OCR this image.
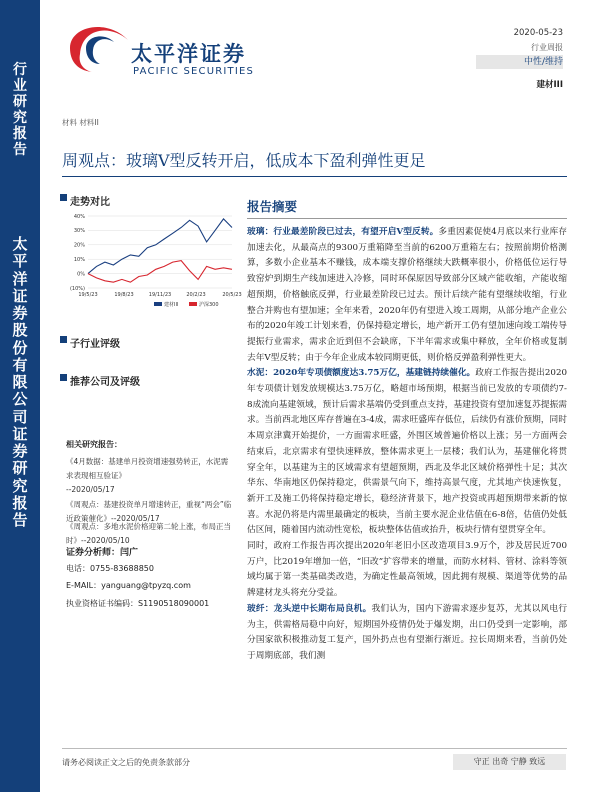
行
业
研
究
报
告
太
平
洋
证
券
股
份
有
限
公
司
证
券
研
究
报
告
太平洋证券
PACIFIC SECURITIES
2020-05-23
行业周报
中性/维持
建材III
材料 材料II
周观点：玻璃V型反转开启，低成本下盈利弹性更足
走势对比
40%
30%
20%
10%
0%
(10%)
19/5/23	19/8/23	19/11/23	20/2/23	20/5/23
建材III	沪深300
子行业评级
推荐公司及评级
相关研究报告：
《4月数据：基建单月投资增速强势转正，水泥需求表现相互验证》
--2020/05/17
《周观点：基建投资单月增速转正，重视“两会”临近政策催化》--2020/05/17
《周观点：多地水泥价格迎第二轮上涨，布局正当时》--2020/05/10
证券分析师：闫广
电话：0755-83688850
E-MAIL：yanguang@tpyzq.com
执业资格证书编码：S1190518090001
报告摘要

玻璃：行业最差阶段已过去，有望开启V型反转。多重因素促使4月底以来行业库存加速去化，从最高点的9300万重箱降至当前的6200万重箱左右；按照前期价格测算，多数小企业基本不赚钱，成本端支撑价格继续大跌概率很小，价格低位运行导致窑炉到期生产线加速进入冷修，同时环保原因导致部分区域产能收缩，产能收缩超预期，价格触底反弹，行业最差阶段已过去。预计后续产能有望继续收缩，行业整合并购也有望加速；全年来看，2020年仍有望进入竣工周期，从部分地产企业公布的2020年竣工计划来看，仍保持稳定增长，地产新开工仍有望加速向竣工端传导提振行业需求，需求企近到但不会缺席，下半年需求或集中释放，全年价格或复制去年V型反转；由于今年企业成本较同期更低，则价格反弹盈利弹性更大。

水泥：2020年专项债额度达3.75万亿，基建链持续催化。政府工作报告提出2020年专项债计划发放规模达3.75万亿，略超市场预期，根据当前已发放的专项债约7-8成流向基建领域，预计后需求基端仍受到重点支持，基建投资有望加速复苏提振需求。当前西北地区库存普遍在3-4成，需求旺盛库存低位，后续仍有涨价预期，同时本周京津冀开始提价，一方面需求旺盛，外围区域普遍价格以上涨；另一方面两会结束后，北京需求有望快速释放，整体需求更上一层楼；我们认为，基建催化将贯穿全年，以基建为主的区域需求有望超预期，西北及华北区域价格弹性十足；其次华东、华南地区仍保持稳定，供需景气向下，维持高景气度，尤其地产快速恢复，新开工及施工仍将保持稳定增长，稳经济背景下，地产投资或再超预期带来新的惊喜。水泥仍将是内需里最确定的板块，当前主要水泥企业估值在6-8倍，估值仍处低估区间，随着国内流动性宽松，板块整体估值或抬升，板块行情有望贯穿全年。

同时，政府工作报告再次提出2020年老旧小区改造项目3.9万个，涉及居民近700万户，比2019年增加一倍，“旧改”扩容带来的增量，而防水材料、管材、涂料等领域均属于第一类基础类改造，为确定性最高领域，因此拥有规模、渠道等优势的品牌建材龙头将充分受益。

玻纤：龙头逆中长期布局良机。我们认为，国内下游需求逐步复苏，尤其以风电行为主，供需格局稳中向好，短期国外疫情仍处于爆发期，出口仍受到一定影响，部分国家欲积极推动复工复产，国外扔点也有望渐行渐近。拉长周期来看，当前仍处于周期底部，我们测

请务必阅读正文之后的免责条款部分	守正 出奇 宁静 致远
